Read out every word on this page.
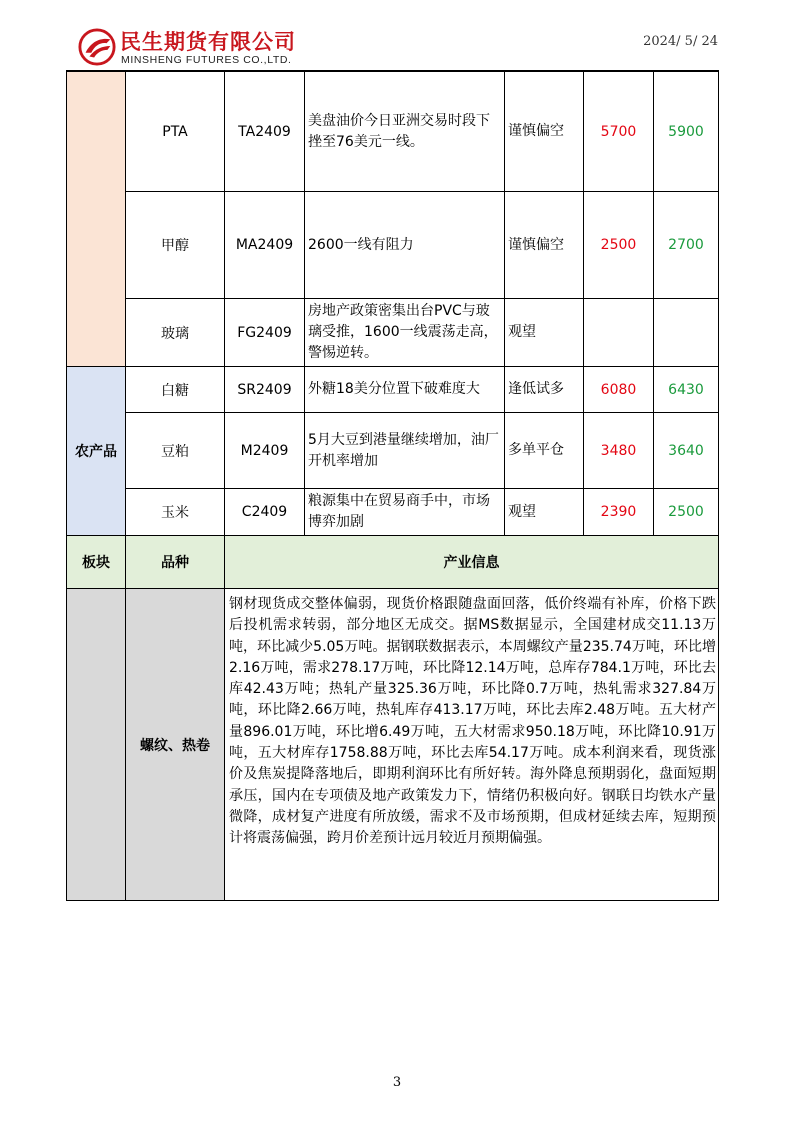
民生期货有限公司
MINSHENG FUTURES CO.,LTD.
2024/ 5/ 24
	PTA	TA2409	美盘油价今日亚洲交易时段下挫至76美元一线。	谨慎偏空	5700	5900
	甲醇	MA2409	2600一线有阻力	谨慎偏空	2500	2700
	玻璃	FG2409	房地产政策密集出台PVC与玻璃受推，1600一线震荡走高，警惕逆转。	观望		
农产品	白糖	SR2409	外糖18美分位置下破难度大	逢低试多	6080	6430
	豆粕	M2409	5月大豆到港量继续增加，油厂开机率增加	多单平仓	3480	3640
	玉米	C2409	粮源集中在贸易商手中，市场博弈加剧	观望	2390	2500
板块	品种	产业信息				
	螺纹、热卷	钢材现货成交整体偏弱，现货价格跟随盘面回落，低价终端有补库，价格下跌后投机需求转弱，部分地区无成交。据MS数据显示，全国建材成交11.13万吨，环比减少5.05万吨。据钢联数据表示，本周螺纹产量235.74万吨，环比增2.16万吨，需求278.17万吨，环比降12.14万吨，总库存784.1万吨，环比去库42.43万吨；热轧产量325.36万吨，环比降0.7万吨，热轧需求327.84万吨，环比降2.66万吨，热轧库存413.17万吨，环比去库2.48万吨。五大材产量896.01万吨，环比增6.49万吨，五大材需求950.18万吨，环比降10.91万吨，五大材库存1758.88万吨，环比去库54.17万吨。成本利润来看，现货涨价及焦炭提降落地后，即期利润环比有所好转。海外降息预期弱化，盘面短期承压，国内在专项债及地产政策发力下，情绪仍积极向好。钢联日均铁水产量微降，成材复产进度有所放缓，需求不及市场预期，但成材延续去库，短期预计将震荡偏强，跨月价差预计远月较近月预期偏强。				
3
